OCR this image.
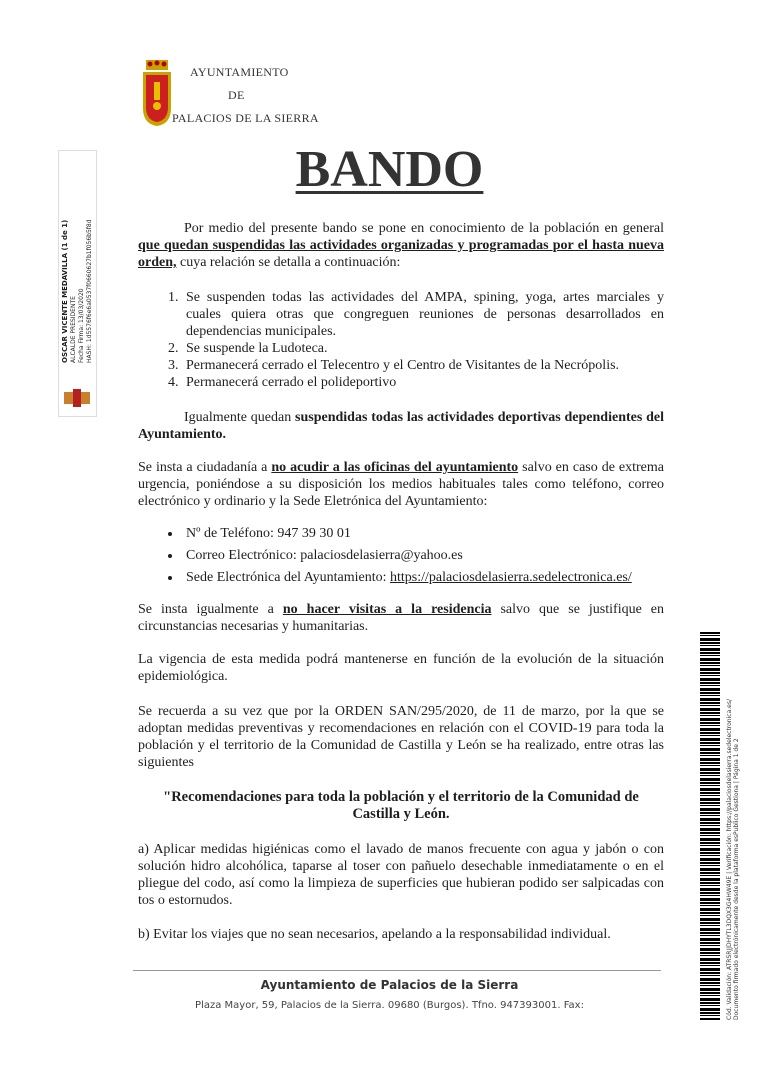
AYUNTAMIENTO
DE
PALACIOS DE LA SIERRA
OSCAR VICENTE MEDAVILLA (1 de 1) ALCALDE PRESIDENTE Fecha Firma: 13/03/2020 HASH: 1d5576f6e6a0537f0660627b1f056b5f8d
BANDO
Por medio del presente bando se pone en conocimiento de la población en general que quedan suspendidas las actividades organizadas y programadas por el hasta nueva orden, cuya relación se detalla a continuación:
1. Se suspenden todas las actividades del AMPA, spining, yoga, artes marciales y cuales quiera otras que congreguen reuniones de personas desarrollados en dependencias municipales.
2. Se suspende la Ludoteca.
3. Permanecerá cerrado el Telecentro y el Centro de Visitantes de la Necrópolis.
4. Permanecerá cerrado el polideportivo
Igualmente quedan suspendidas todas las actividades deportivas dependientes del Ayuntamiento.
Se insta a ciudadanía a no acudir a las oficinas del ayuntamiento salvo en caso de extrema urgencia, poniéndose a su disposición los medios habituales tales como teléfono, correo electrónico y ordinario y la Sede Eletrónica del Ayuntamiento:
• Nº de Teléfono: 947 39 30 01
• Correo Electrónico: palaciosdelasierra@yahoo.es
• Sede Electrónica del Ayuntamiento: https://palaciosdelasierra.sedelectronica.es/
Se insta igualmente a no hacer visitas a la residencia salvo que se justifique en circunstancias necesarias y humanitarias.
La vigencia de esta medida podrá mantenerse en función de la evolución de la situación epidemiológica.
Se recuerda a su vez que por la ORDEN SAN/295/2020, de 11 de marzo, por la que se adoptan medidas preventivas y recomendaciones en relación con el COVID-19 para toda la población y el territorio de la Comunidad de Castilla y León se ha realizado, entre otras las siguientes
"Recomendaciones para toda la población y el territorio de la Comunidad de Castilla y León.
a) Aplicar medidas higiénicas como el lavado de manos frecuente con agua y jabón o con solución hidro alcohólica, taparse al toser con pañuelo desechable inmediatamente o en el pliegue del codo, así como la limpieza de superficies que hubieran podido ser salpicadas con tos o estornudos.
b) Evitar los viajes que no sean necesarios, apelando a la responsabilidad individual.
Ayuntamiento de Palacios de la Sierra
Plaza Mayor, 59, Palacios de la Sierra. 09680 (Burgos). Tfno. 947393001. Fax:	Cód. Validación: ATRSRJJDHYTL3DQX3G4HW49E | Verificación: https://palaciosdelasierra.sedelectronica.es/ Documento firmado electrónicamente desde la plataforma esPublico Gestiona | Página 1 de 2
